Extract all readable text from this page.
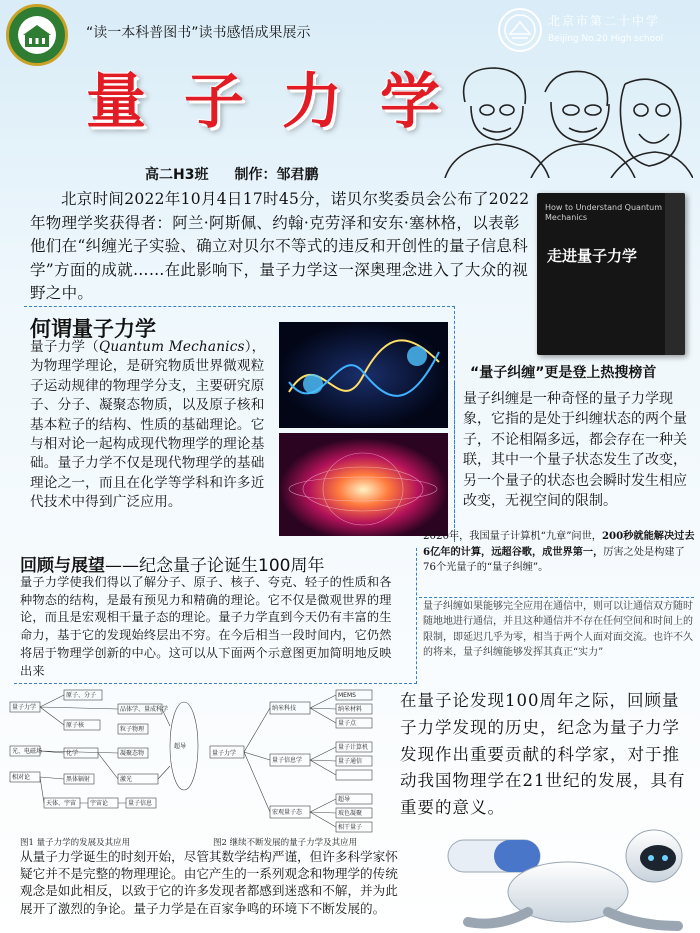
“读一本科普图书”读书感悟成果展示
北京市第二十中学
Beijing No.20 High school
量子力学
高二H3班 制作：邹君鹏
北京时间2022年10月4日17时45分，诺贝尔奖委员会公布了2022年物理学奖获得者：阿兰·阿斯佩、约翰·克劳泽和安东·塞林格，以表彰他们在“纠缠光子实验、确立对贝尔不等式的违反和开创性的量子信息科学”方面的成就……在此影响下，量子力学这一深奥理念进入了大众的视野之中。
How to Understand Quantum Mechanics
走进量子力学
何谓量子力学
量子力学（Quantum Mechanics），为物理学理论，是研究物质世界微观粒子运动规律的物理学分支，主要研究原子、分子、凝聚态物质，以及原子核和基本粒子的结构、性质的基础理论。它与相对论一起构成现代物理学的理论基础。量子力学不仅是现代物理学的基础理论之一，而且在化学等学科和许多近代技术中得到广泛应用。
“量子纠缠”更是登上热搜榜首
量子纠缠是一种奇怪的量子力学现象，它指的是处于纠缠状态的两个量子，不论相隔多远，都会存在一种关联，其中一个量子状态发生了改变，另一个量子的状态也会瞬时发生相应改变，无视空间的限制。
2020年，我国量子计算机“九章”问世，200秒就能解决过去6亿年的计算，远超谷歌，成世界第一，厉害之处是构建了76个光量子的“量子纠缠”。
量子纠缠如果能够完全应用在通信中，则可以让通信双方随时随地地进行通信，并且这种通信并不存在任何空间和时间上的限制，即延迟几乎为零，相当于两个人面对面交流。也许不久的将来，量子纠缠能够发挥其真正“实力”
回顾与展望——纪念量子论诞生100周年
量子力学使我们得以了解分子、原子、核子、夸克、轻子的性质和各种物态的结构，是最有预见力和精确的理论。它不仅是微观世界的理论，而且是宏观相干量子态的理论。量子力学直到今天仍有丰富的生命力，基于它的发现始终层出不穷。在今后相当一段时间内，它仍然将居于物理学创新的中心。这可以从下面两个示意图更加简明地反映出来
量子力学
原子、分子
品体学、量成科学
原子核
粒子物理
光、电磁场	化学	凝聚态物
相对论	黑体辐射	激光
天体、宇宙 宇宙论	量子信息
超导
量子力学
纳米科技
MEMS
纳米材料
量子点
量子信息学
量子计算机
量子通信
宏观量子态
超导
玻色凝聚
相干量子
图1 量子力学的发展及其应用	图2 继续不断发展的量子力学及其应用
在量子论发现100周年之际，回顾量子力学发现的历史，纪念为量子力学发现作出重要贡献的科学家，对于推动我国物理学在21世纪的发展，具有重要的意义。
从量子力学诞生的时刻开始，尽管其数学结构严谨，但许多科学家怀疑它并不是完整的物理理论。由它产生的一系列观念和物理学的传统观念是如此相反，以致于它的许多发现者都感到迷惑和不解，并为此展开了激烈的争论。量子力学是在百家争鸣的环境下不断发展的。
